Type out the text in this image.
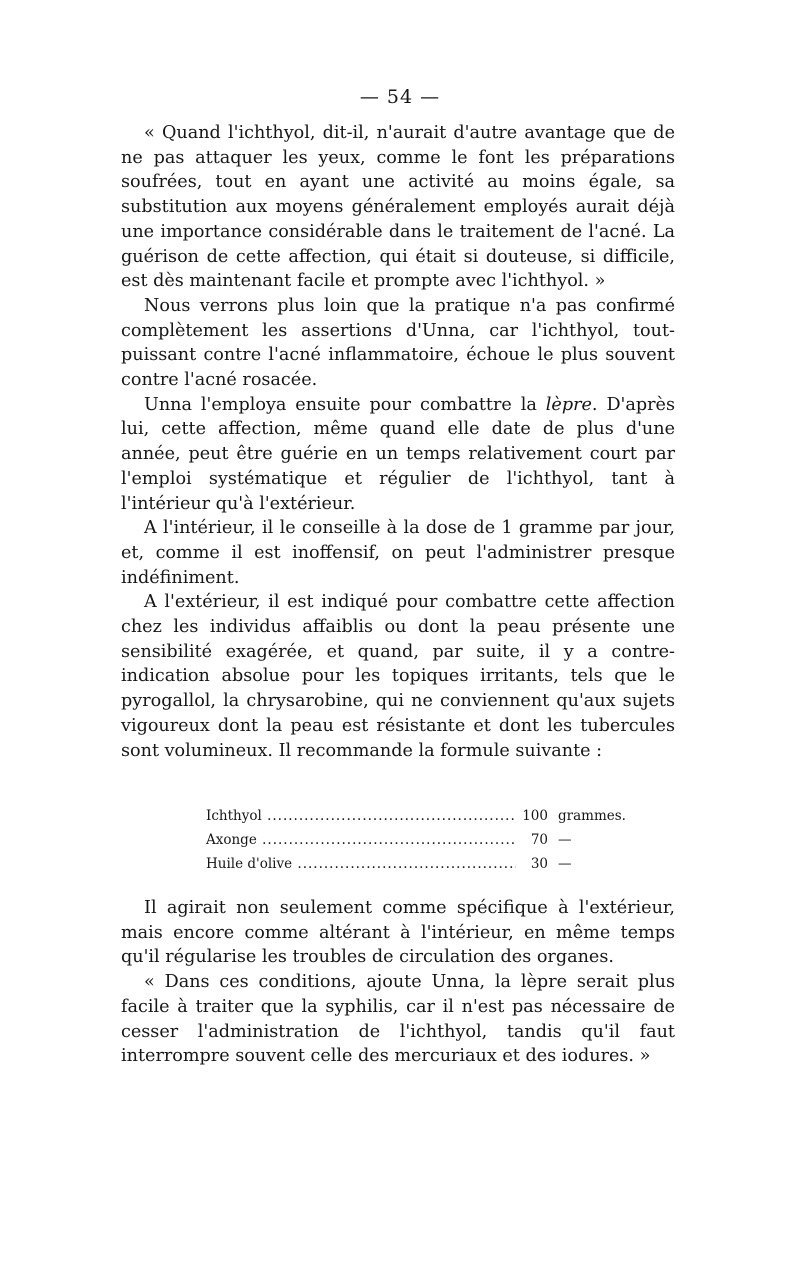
— 54 —

« Quand l'ichthyol, dit-il, n'aurait d'autre avantage que de ne pas attaquer les yeux, comme le font les préparations soufrées, tout en ayant une activité au moins égale, sa substitution aux moyens généralement employés aurait déjà une importance considérable dans le traitement de l'acné. La guérison de cette affection, qui était si douteuse, si difficile, est dès maintenant facile et prompte avec l'ichthyol. »

Nous verrons plus loin que la pratique n'a pas confirmé complètement les assertions d'Unna, car l'ichthyol, tout-puissant contre l'acné inflammatoire, échoue le plus souvent contre l'acné rosacée.

Unna l'employa ensuite pour combattre la lèpre. D'après lui, cette affection, même quand elle date de plus d'une année, peut être guérie en un temps relativement court par l'emploi systématique et régulier de l'ichthyol, tant à l'intérieur qu'à l'extérieur.

A l'intérieur, il le conseille à la dose de 1 gramme par jour, et, comme il est inoffensif, on peut l'administrer presque indéfiniment.

A l'extérieur, il est indiqué pour combattre cette affection chez les individus affaiblis ou dont la peau présente une sensibilité exagérée, et quand, par suite, il y a contre-indication absolue pour les topiques irritants, tels que le pyrogallol, la chrysarobine, qui ne conviennent qu'aux sujets vigoureux dont la peau est résistante et dont les tubercules sont volumineux. Il recommande la formule suivante :

Ichthyol .....	100 grammes.
Axonge .....	70 —
Huile d'olive .....	30 —

Il agirait non seulement comme spécifique à l'extérieur, mais encore comme altérant à l'intérieur, en même temps qu'il régularise les troubles de circulation des organes.

« Dans ces conditions, ajoute Unna, la lèpre serait plus facile à traiter que la syphilis, car il n'est pas nécessaire de cesser l'administration de l'ichthyol, tandis qu'il faut interrompre souvent celle des mercuriaux et des iodures. »
